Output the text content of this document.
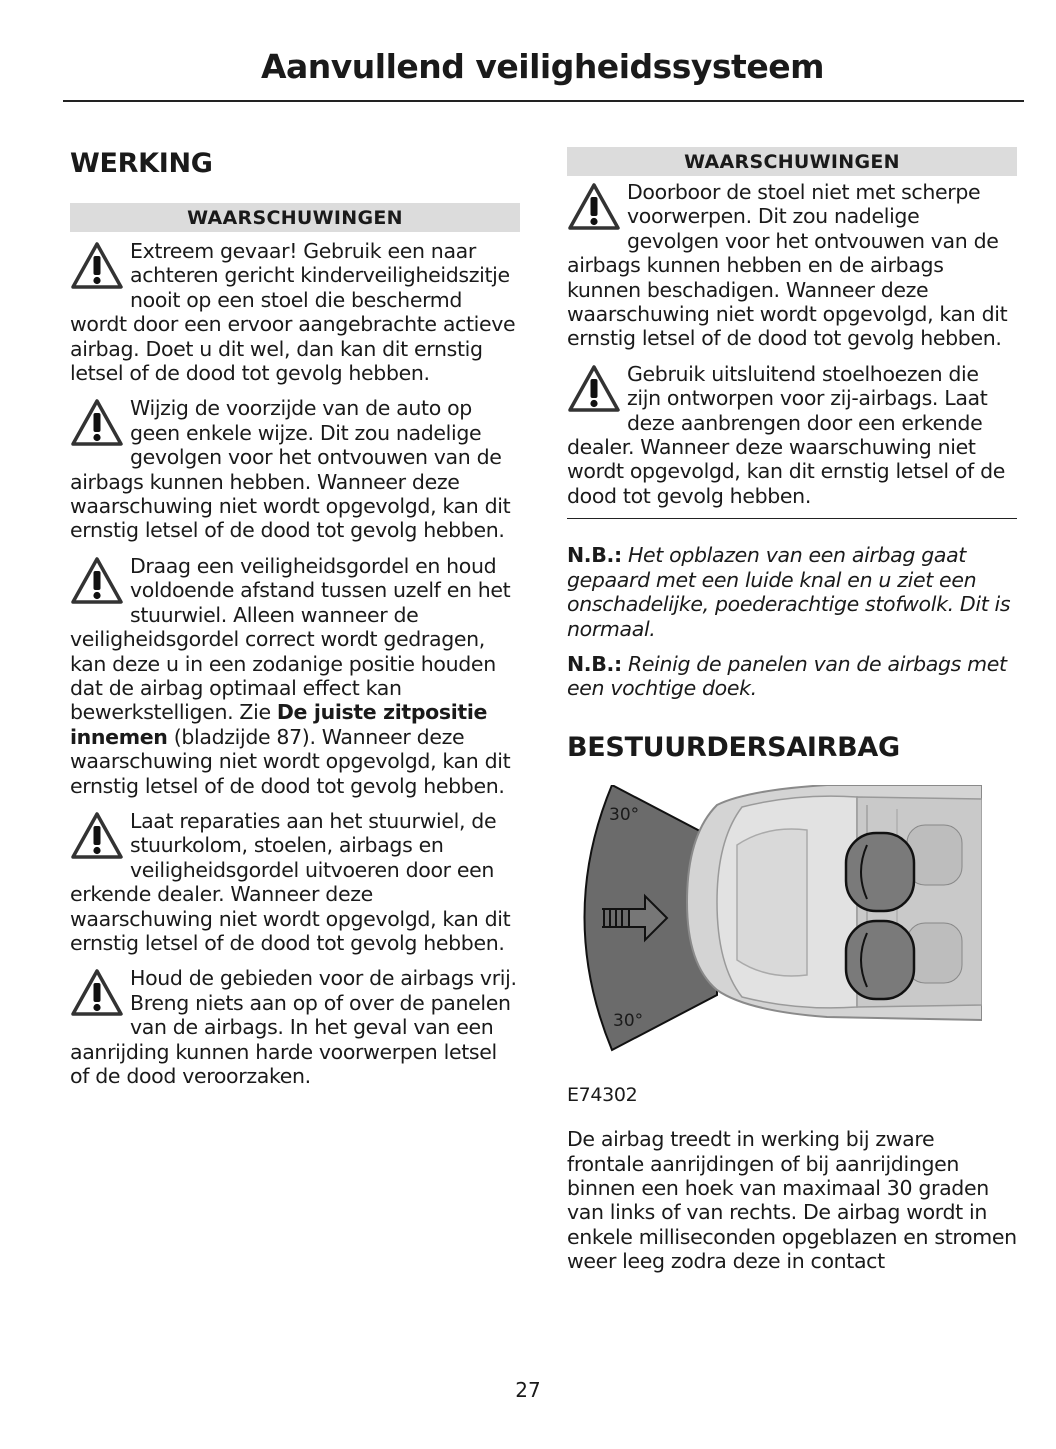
Aanvullend veiligheidssysteem
WERKING
WAARSCHUWINGEN
Extreem gevaar! Gebruik een naar achteren gericht kinderveiligheidszitje nooit op een stoel die beschermd wordt door een ervoor aangebrachte actieve airbag. Doet u dit wel, dan kan dit ernstig letsel of de dood tot gevolg hebben.
Wijzig de voorzijde van de auto op geen enkele wijze. Dit zou nadelige gevolgen voor het ontvouwen van de airbags kunnen hebben. Wanneer deze waarschuwing niet wordt opgevolgd, kan dit ernstig letsel of de dood tot gevolg hebben.
Draag een veiligheidsgordel en houd voldoende afstand tussen uzelf en het stuurwiel. Alleen wanneer de veiligheidsgordel correct wordt gedragen, kan deze u in een zodanige positie houden dat de airbag optimaal effect kan bewerkstelligen. Zie De juiste zitpositie innemen (bladzijde 87). Wanneer deze waarschuwing niet wordt opgevolgd, kan dit ernstig letsel of de dood tot gevolg hebben.
Laat reparaties aan het stuurwiel, de stuurkolom, stoelen, airbags en veiligheidsgordel uitvoeren door een erkende dealer. Wanneer deze waarschuwing niet wordt opgevolgd, kan dit ernstig letsel of de dood tot gevolg hebben.
Houd de gebieden voor de airbags vrij. Breng niets aan op of over de panelen van de airbags. In het geval van een aanrijding kunnen harde voorwerpen letsel of de dood veroorzaken.
WAARSCHUWINGEN
Doorboor de stoel niet met scherpe voorwerpen. Dit zou nadelige gevolgen voor het ontvouwen van de airbags kunnen hebben en de airbags kunnen beschadigen. Wanneer deze waarschuwing niet wordt opgevolgd, kan dit ernstig letsel of de dood tot gevolg hebben.
Gebruik uitsluitend stoelhoezen die zijn ontworpen voor zij-airbags. Laat deze aanbrengen door een erkende dealer. Wanneer deze waarschuwing niet wordt opgevolgd, kan dit ernstig letsel of de dood tot gevolg hebben.
N.B.: Het opblazen van een airbag gaat gepaard met een luide knal en u ziet een onschadelijke, poederachtige stofwolk. Dit is normaal.
N.B.: Reinig de panelen van de airbags met een vochtige doek.
BESTUURDERSAIRBAG
30°
30°
E74302
De airbag treedt in werking bij zware frontale aanrijdingen of bij aanrijdingen binnen een hoek van maximaal 30 graden van links of van rechts. De airbag wordt in enkele milliseconden opgeblazen en stromen weer leeg zodra deze in contact
27
